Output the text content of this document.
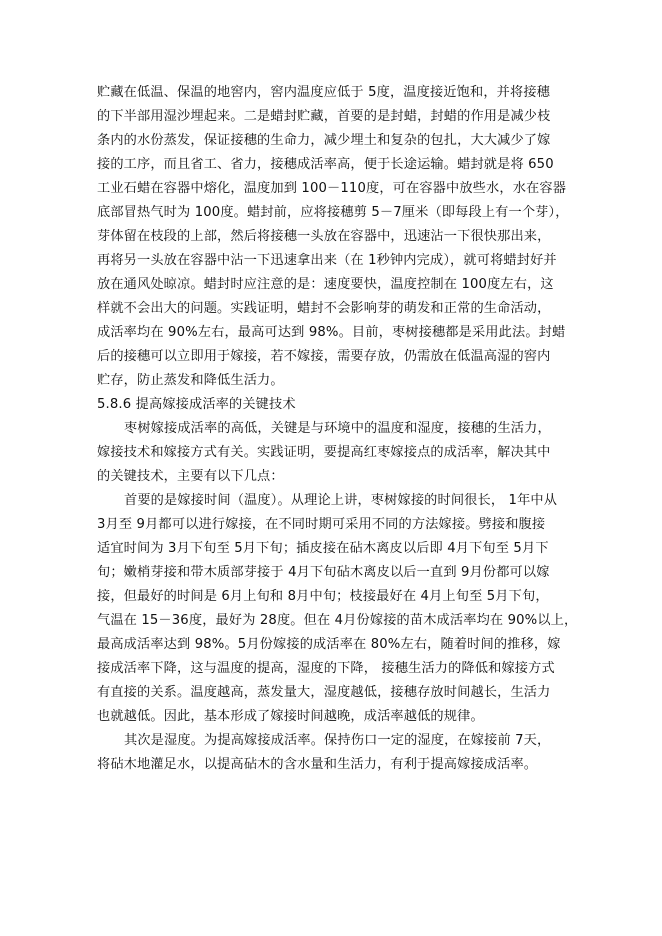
贮藏在低温、保温的地窖内，窖内温度应低于 5度，温度接近饱和，并将接穗
的下半部用湿沙埋起来。二是蜡封贮藏，首要的是封蜡，封蜡的作用是减少枝
条内的水份蒸发，保证接穗的生命力，减少埋土和复杂的包扎，大大减少了嫁
接的工序，而且省工、省力，接穗成活率高，便于长途运输。蜡封就是将 650
工业石蜡在容器中熔化，温度加到 100－110度，可在容器中放些水，水在容器
底部冒热气时为 100度。蜡封前，应将接穗剪 5－7厘米（即每段上有一个芽），
芽体留在枝段的上部，然后将接穗一头放在容器中，迅速沾一下很快那出来，
再将另一头放在容器中沾一下迅速拿出来（在 1秒钟内完成），就可将蜡封好并
放在通风处晾凉。蜡封时应注意的是：速度要快，温度控制在 100度左右，这
样就不会出大的问题。实践证明，蜡封不会影响芽的萌发和正常的生命活动，
成活率均在 90%左右，最高可达到 98%。目前，枣树接穗都是采用此法。封蜡
后的接穗可以立即用于嫁接，若不嫁接，需要存放，仍需放在低温高湿的窖内
贮存，防止蒸发和降低生活力。
5.8.6 提高嫁接成活率的关键技术
枣树嫁接成活率的高低，关键是与环境中的温度和湿度，接穗的生活力，
嫁接技术和嫁接方式有关。实践证明，要提高红枣嫁接点的成活率，解决其中
的关键技术，主要有以下几点：
首要的是嫁接时间（温度）。从理论上讲，枣树嫁接的时间很长， 1年中从
3月至 9月都可以进行嫁接，在不同时期可采用不同的方法嫁接。劈接和腹接
适宜时间为 3月下旬至 5月下旬；插皮接在砧木离皮以后即 4月下旬至 5月下
旬；嫩梢芽接和带木质部芽接于 4月下旬砧木离皮以后一直到 9月份都可以嫁
接，但最好的时间是 6月上旬和 8月中旬；枝接最好在 4月上旬至 5月下旬，
气温在 15－36度，最好为 28度。但在 4月份嫁接的苗木成活率均在 90%以上，
最高成活率达到 98%。5月份嫁接的成活率在 80%左右，随着时间的推移，嫁
接成活率下降，这与温度的提高，湿度的下降， 接穗生活力的降低和嫁接方式
有直接的关系。温度越高，蒸发量大，湿度越低，接穗存放时间越长，生活力
也就越低。因此，基本形成了嫁接时间越晚，成活率越低的规律。
其次是湿度。为提高嫁接成活率。保持伤口一定的湿度，在嫁接前 7天，
将砧木地灌足水，以提高砧木的含水量和生活力，有利于提高嫁接成活率。
